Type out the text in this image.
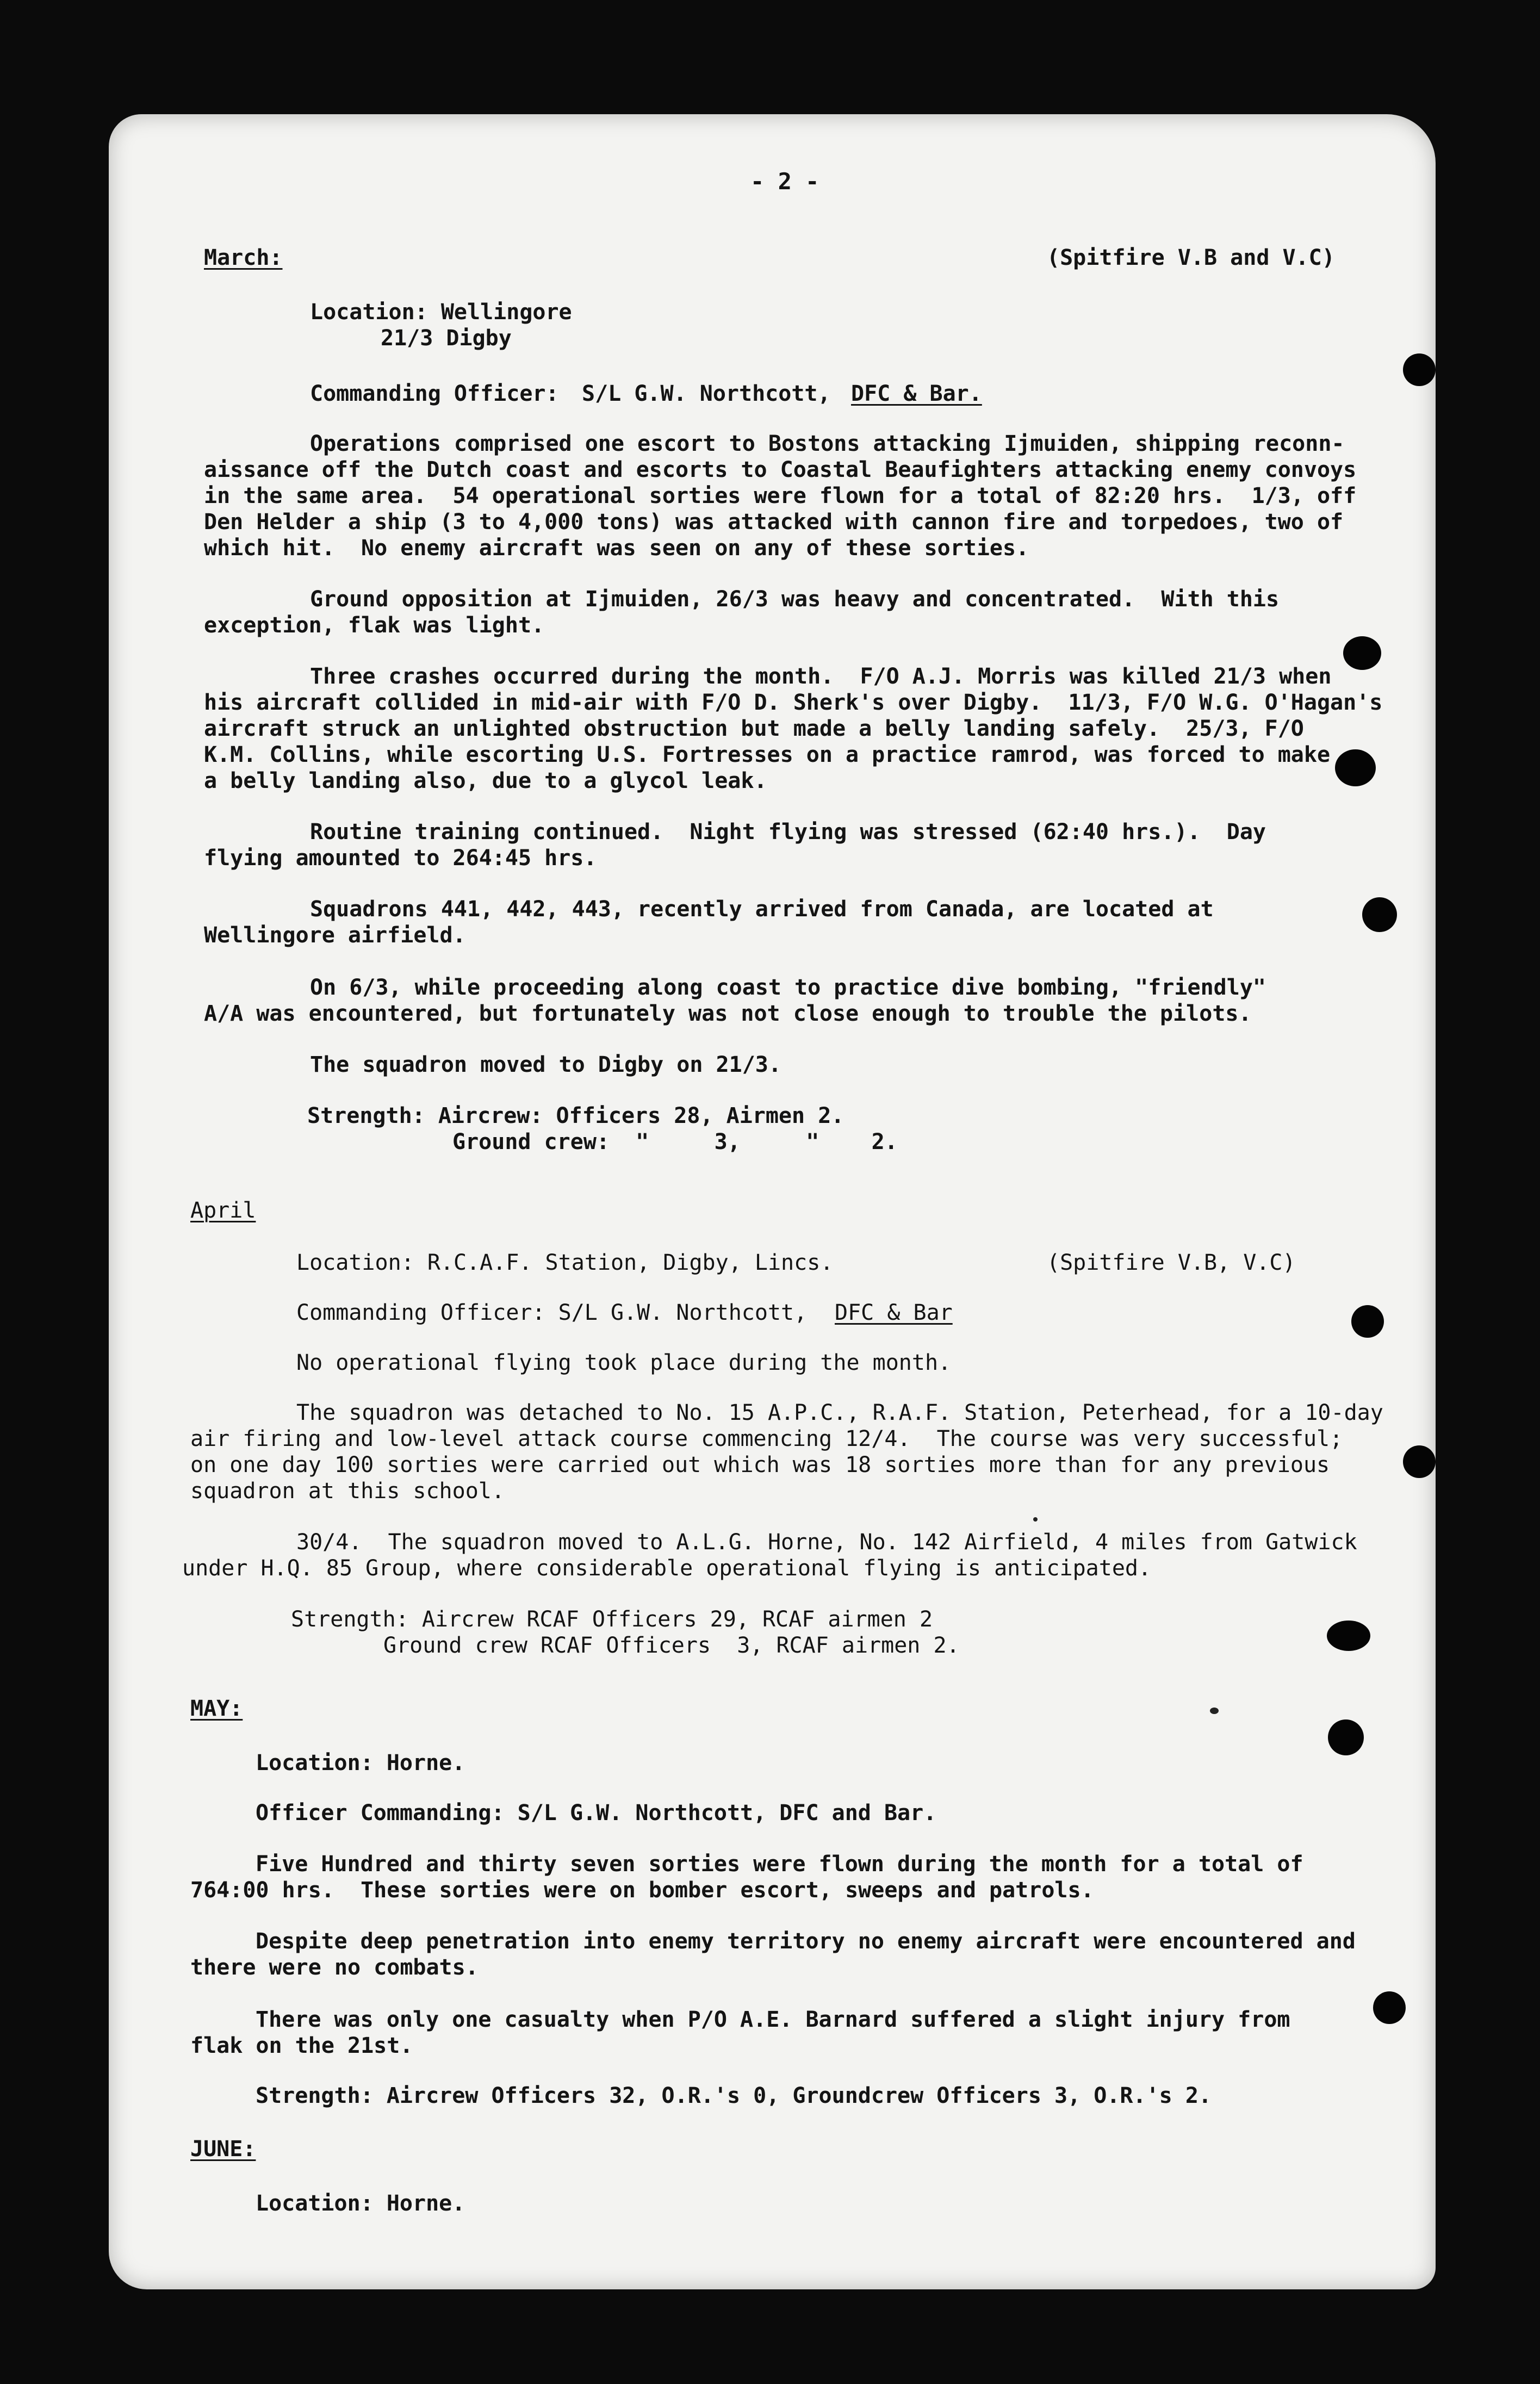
- 2 -
March:	(Spitfire V.B and V.C)
Location: Wellingore
21/3 Digby
Commanding Officer: S/L G.W. Northcott, DFC & Bar.
Operations comprised one escort to Bostons attacking Ijmuiden, shipping reconn-
aissance off the Dutch coast and escorts to Coastal Beaufighters attacking enemy convoys
in the same area.  54 operational sorties were flown for a total of 82:20 hrs.  1/3, off
Den Helder a ship (3 to 4,000 tons) was attacked with cannon fire and torpedoes, two of
which hit.  No enemy aircraft was seen on any of these sorties.
Ground opposition at Ijmuiden, 26/3 was heavy and concentrated.  With this
exception, flak was light.
Three crashes occurred during the month.  F/O A.J. Morris was killed 21/3 when
his aircraft collided in mid-air with F/O D. Sherk's over Digby.  11/3, F/O W.G. O'Hagan's
aircraft struck an unlighted obstruction but made a belly landing safely.  25/3, F/O
K.M. Collins, while escorting U.S. Fortresses on a practice ramrod, was forced to make
a belly landing also, due to a glycol leak.
Routine training continued.  Night flying was stressed (62:40 hrs.).  Day
flying amounted to 264:45 hrs.
Squadrons 441, 442, 443, recently arrived from Canada, are located at
Wellingore airfield.
On 6/3, while proceeding along coast to practice dive bombing, "friendly"
A/A was encountered, but fortunately was not close enough to trouble the pilots.
The squadron moved to Digby on 21/3.
Strength: Aircrew: Officers 28, Airmen 2.
Ground crew:  "     3,     "    2.
April
Location: R.C.A.F. Station, Digby, Lincs.	(Spitfire V.B, V.C)
Commanding Officer: S/L G.W. Northcott, DFC & Bar
No operational flying took place during the month.
The squadron was detached to No. 15 A.P.C., R.A.F. Station, Peterhead, for a 10-day
air firing and low-level attack course commencing 12/4.  The course was very successful;
on one day 100 sorties were carried out which was 18 sorties more than for any previous
squadron at this school.
30/4.  The squadron moved to A.L.G. Horne, No. 142 Airfield, 4 miles from Gatwick
under H.Q. 85 Group, where considerable operational flying is anticipated.
Strength: Aircrew RCAF Officers 29, RCAF airmen 2
Ground crew RCAF Officers  3, RCAF airmen 2.
MAY:
Location: Horne.
Officer Commanding: S/L G.W. Northcott, DFC and Bar.
Five Hundred and thirty seven sorties were flown during the month for a total of
764:00 hrs.  These sorties were on bomber escort, sweeps and patrols.
Despite deep penetration into enemy territory no enemy aircraft were encountered and
there were no combats.
There was only one casualty when P/O A.E. Barnard suffered a slight injury from
flak on the 21st.
Strength: Aircrew Officers 32, O.R.'s 0, Groundcrew Officers 3, O.R.'s 2.
JUNE:
Location: Horne.
